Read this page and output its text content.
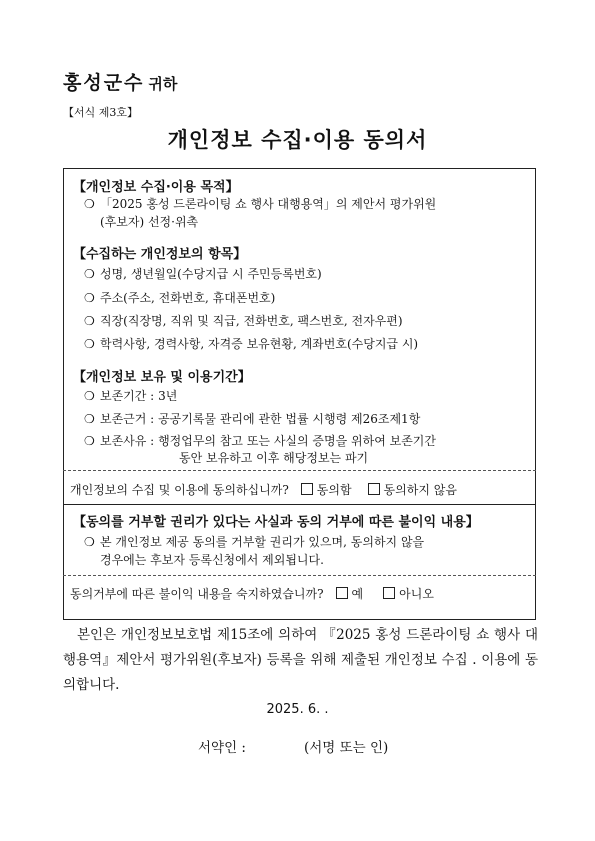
홍성군수 귀하
【서식 제3호】
개인정보 수집·이용 동의서
【개인정보 수집·이용 목적】
❍ 「2025 홍성 드론라이팅 쇼 행사 대행용역」의 제안서 평가위원
(후보자) 선정·위촉
【수집하는 개인정보의 항목】
❍ 성명, 생년월일(수당지급 시 주민등록번호)
❍ 주소(주소, 전화번호, 휴대폰번호)
❍ 직장(직장명, 직위 및 직급, 전화번호, 팩스번호, 전자우편)
❍ 학력사항, 경력사항, 자격증 보유현황, 계좌번호(수당지급 시)
【개인정보 보유 및 이용기간】
❍ 보존기간 : 3년
❍ 보존근거 : 공공기록물 관리에 관한 법률 시행령 제26조제1항
❍ 보존사유 : 행정업무의 참고 또는 사실의 증명을 위하여 보존기간
동안 보유하고 이후 해당정보는 파기
개인정보의 수집 및 이용에 동의하십니까? 동의함	동의하지 않음
【동의를 거부할 권리가 있다는 사실과 동의 거부에 따른 불이익 내용】
❍ 본 개인정보 제공 동의를 거부할 권리가 있으며, 동의하지 않을
경우에는 후보자 등록신청에서 제외됩니다.
동의거부에 따른 불이익 내용을 숙지하였습니까? 예	아니오
본인은 개인정보보호법 제15조에 의하여 『2025 홍성 드론라이팅 쇼 행사 대행용역』제안서 평가위원(후보자) 등록을 위해 제출된 개인정보 수집 . 이용에 동의합니다.
2025. 6. .
서약인 :	(서명 또는 인)
